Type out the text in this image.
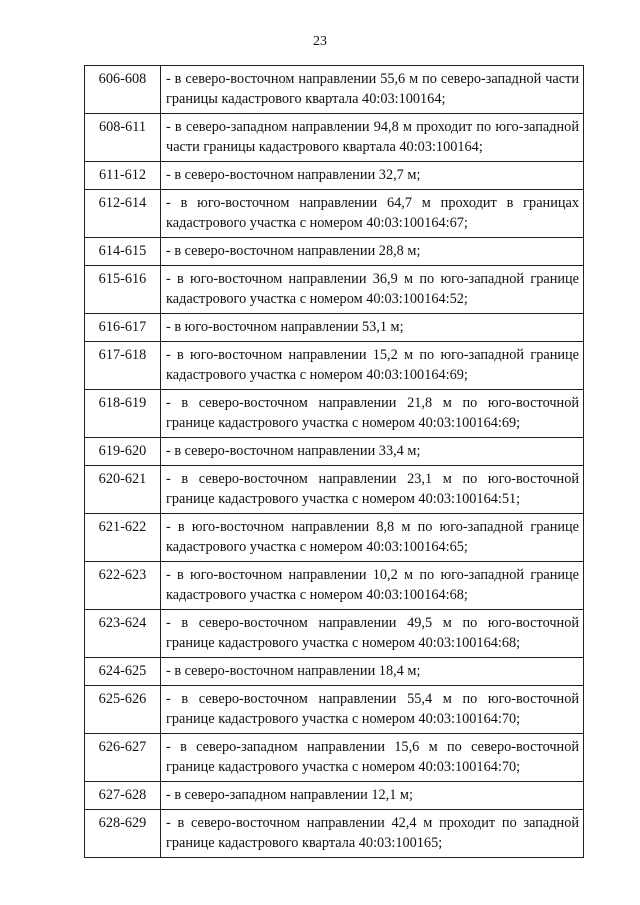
23
606-608	- в северо-восточном направлении 55,6 м по северо-западной части границы кадастрового квартала 40:03:100164;
608-611	- в северо-западном направлении 94,8 м проходит по юго-западной части границы кадастрового квартала 40:03:100164;
611-612	- в северо-восточном направлении 32,7 м;
612-614	- в юго-восточном направлении 64,7 м проходит в границах кадастрового участка с номером 40:03:100164:67;
614-615	- в северо-восточном направлении 28,8 м;
615-616	- в юго-восточном направлении 36,9 м по юго-западной границе кадастрового участка с номером 40:03:100164:52;
616-617	- в юго-восточном направлении 53,1 м;
617-618	- в юго-восточном направлении 15,2 м по юго-западной границе кадастрового участка с номером 40:03:100164:69;
618-619	- в северо-восточном направлении 21,8 м по юго-восточной границе кадастрового участка с номером 40:03:100164:69;
619-620	- в северо-восточном направлении 33,4 м;
620-621	- в северо-восточном направлении 23,1 м по юго-восточной границе кадастрового участка с номером 40:03:100164:51;
621-622	- в юго-восточном направлении 8,8 м по юго-западной границе кадастрового участка с номером 40:03:100164:65;
622-623	- в юго-восточном направлении 10,2 м по юго-западной границе кадастрового участка с номером 40:03:100164:68;
623-624	- в северо-восточном направлении 49,5 м по юго-восточной границе кадастрового участка с номером 40:03:100164:68;
624-625	- в северо-восточном направлении 18,4 м;
625-626	- в северо-восточном направлении 55,4 м по юго-восточной границе кадастрового участка с номером 40:03:100164:70;
626-627	- в северо-западном направлении 15,6 м по северо-восточной границе кадастрового участка с номером 40:03:100164:70;
627-628	- в северо-западном направлении 12,1 м;
628-629	- в северо-восточном направлении 42,4 м проходит по западной границе кадастрового квартала 40:03:100165;
